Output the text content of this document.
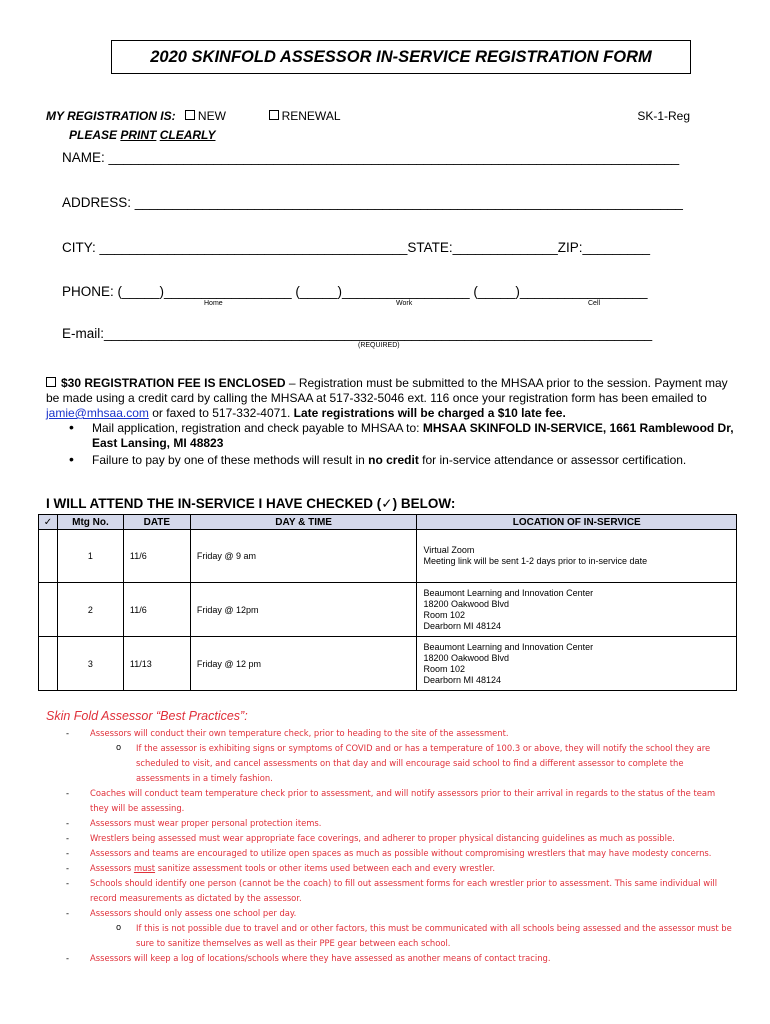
2020 SKINFOLD ASSESSOR IN-SERVICE REGISTRATION FORM
MY REGISTRATION IS: NEW	RENEWAL	SK-1-Reg
PLEASE PRINT CLEARLY
NAME: ____________________________________________________________________________
ADDRESS: _________________________________________________________________________
CITY: _________________________________________STATE:______________ZIP:_________
PHONE: (_____)_________________ (_____)_________________ (_____)_________________
Home	Work	Cell
E-mail:_________________________________________________________________________
(REQUIRED)
$30 REGISTRATION FEE IS ENCLOSED – Registration must be submitted to the MHSAA prior to the session. Payment may be made using a credit card by calling the MHSAA at 517-332-5046 ext. 116 once your registration form has been emailed to jamie@mhsaa.com or faxed to 517-332-4071. Late registrations will be charged a $10 late fee.
• Mail application, registration and check payable to MHSAA to: MHSAA SKINFOLD IN-SERVICE, 1661 Ramblewood Dr, East Lansing, MI 48823
• Failure to pay by one of these methods will result in no credit for in-service attendance or assessor certification.
I WILL ATTEND THE IN-SERVICE I HAVE CHECKED (✓) BELOW:
✓	Mtg No.	DATE	DAY & TIME	LOCATION OF IN-SERVICE
	1	11/6	Friday @ 9 am	Virtual Zoom
Meeting link will be sent 1-2 days prior to in-service date

	2	11/6	Friday @ 12pm	Beaumont Learning and Innovation Center
18200 Oakwood Blvd
Room 102
Dearborn MI 48124

	3	11/13	Friday @ 12 pm	Beaumont Learning and Innovation Center
18200 Oakwood Blvd
Room 102
Dearborn MI 48124
Skin Fold Assessor “Best Practices”:
- Assessors will conduct their own temperature check, prior to heading to the site of the assessment.
o If the assessor is exhibiting signs or symptoms of COVID and or has a temperature of 100.3 or above, they will notify the school they are scheduled to visit, and cancel assessments on that day and will encourage said school to find a different assessor to complete the assessments in a timely fashion.
- Coaches will conduct team temperature check prior to assessment, and will notify assessors prior to their arrival in regards to the status of the team they will be assessing.
- Assessors must wear proper personal protection items.
- Wrestlers being assessed must wear appropriate face coverings, and adherer to proper physical distancing guidelines as much as possible.
- Assessors and teams are encouraged to utilize open spaces as much as possible without compromising wrestlers that may have modesty concerns.
- Assessors must sanitize assessment tools or other items used between each and every wrestler.
- Schools should identify one person (cannot be the coach) to fill out assessment forms for each wrestler prior to assessment. This same individual will record measurements as dictated by the assessor.
- Assessors should only assess one school per day.
o If this is not possible due to travel and or other factors, this must be communicated with all schools being assessed and the assessor must be sure to sanitize themselves as well as their PPE gear between each school.
- Assessors will keep a log of locations/schools where they have assessed as another means of contact tracing.
